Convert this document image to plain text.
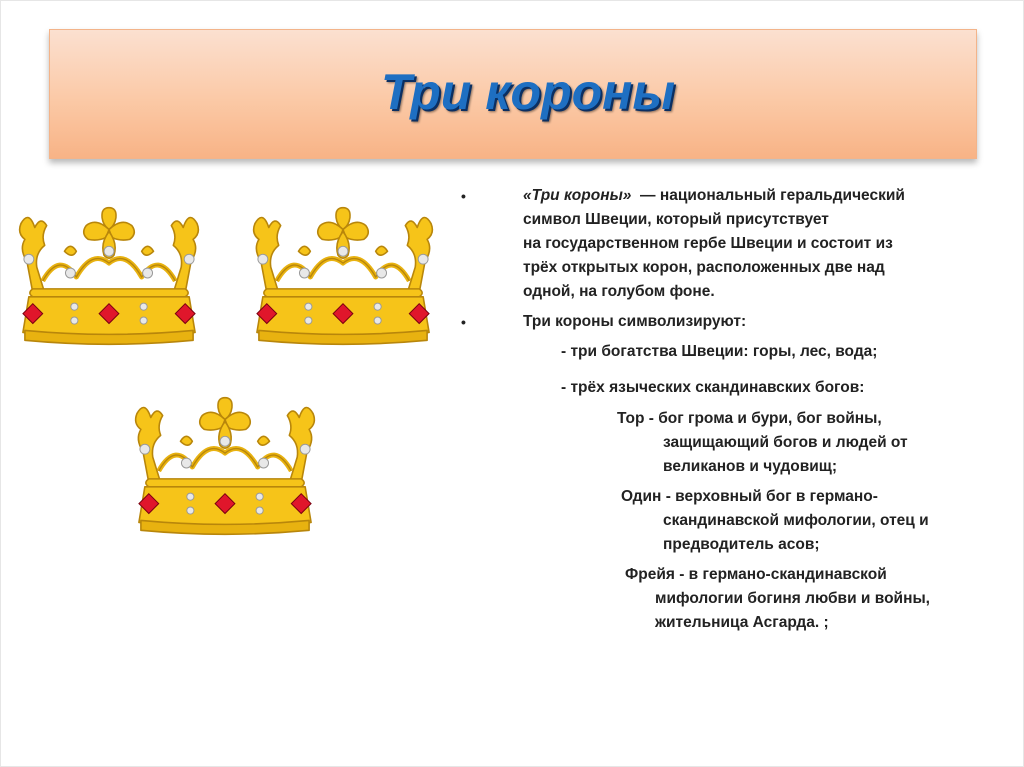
Три короны
•	«Три короны»  — национальный геральдический
символ Швеции, который присутствует
на государственном гербе Швеции и состоит из
трёх открытых корон, расположенных две над
одной, на голубом фоне.
•	Три короны символизируют:
- три богатства Швеции: горы, лес, вода;
- трёх языческих скандинавских богов:
Тор - бог грома и бури, бог войны,
защищающий богов и людей от
великанов и чудовищ;
Один - верховный бог в германо-
скандинавской мифологии, отец и
предводитель асов;
Фрейя - в германо-скандинавской
мифологии богиня любви и войны,
жительница Асгарда. ;
